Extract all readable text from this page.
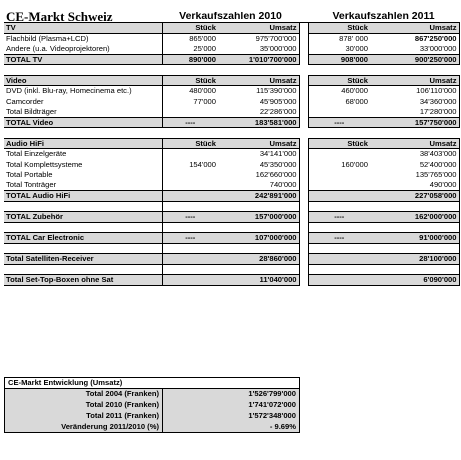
CE-Markt Schweiz	Verkaufszahlen 2010			Verkaufszahlen 2011	
TV	Stück	Umsatz		Stück	Umsatz
Flachbild (Plasma+LCD)	865'000	975'700'000		878' 000	867'250'000
Andere (u.a. Videoprojektoren)	25'000	35'000'000		30'000	33'000'000
TOTAL TV	890'000	1'010'700'000		908'000	900'250'000

Video	Stück	Umsatz		Stück	Umsatz
DVD (inkl. Blu-ray, Homecinema etc.)	480'000	115'390'000		460'000	106'110'000
Camcorder	77'000	45'905'000		68'000	34'360'000
Total Bildträger		22'286'000			17'280'000
TOTAL Video	----	183'581'000		----	157'750'000

Audio HiFi	Stück	Umsatz		Stück	Umsatz
Total Einzelgeräte		34'141'000			38'403'000
Total Komplettsysteme	154'000	45'350'000		160'000	52'400'000
Total Portable		162'660'000			135'765'000
Total Tonträger		740'000			490'000
TOTAL Audio HiFi		242'891'000			227'058'000

TOTAL Zubehör	----	157'000'000		----	162'000'000

TOTAL Car Electronic	----	107'000'000		----	91'000'000

Total Satelliten-Receiver		28'860'000			28'100'000

Total Set-Top-Boxen ohne Sat		11'040'000			6'090'000
CE-Markt Entwicklung (Umsatz)	
Total 2004 (Franken)	1'526'799'000
Total 2010 (Franken)	1'741'072'000
Total 2011 (Franken)	1'572'348'000
Veränderung 2011/2010 (%)	- 9.69%
